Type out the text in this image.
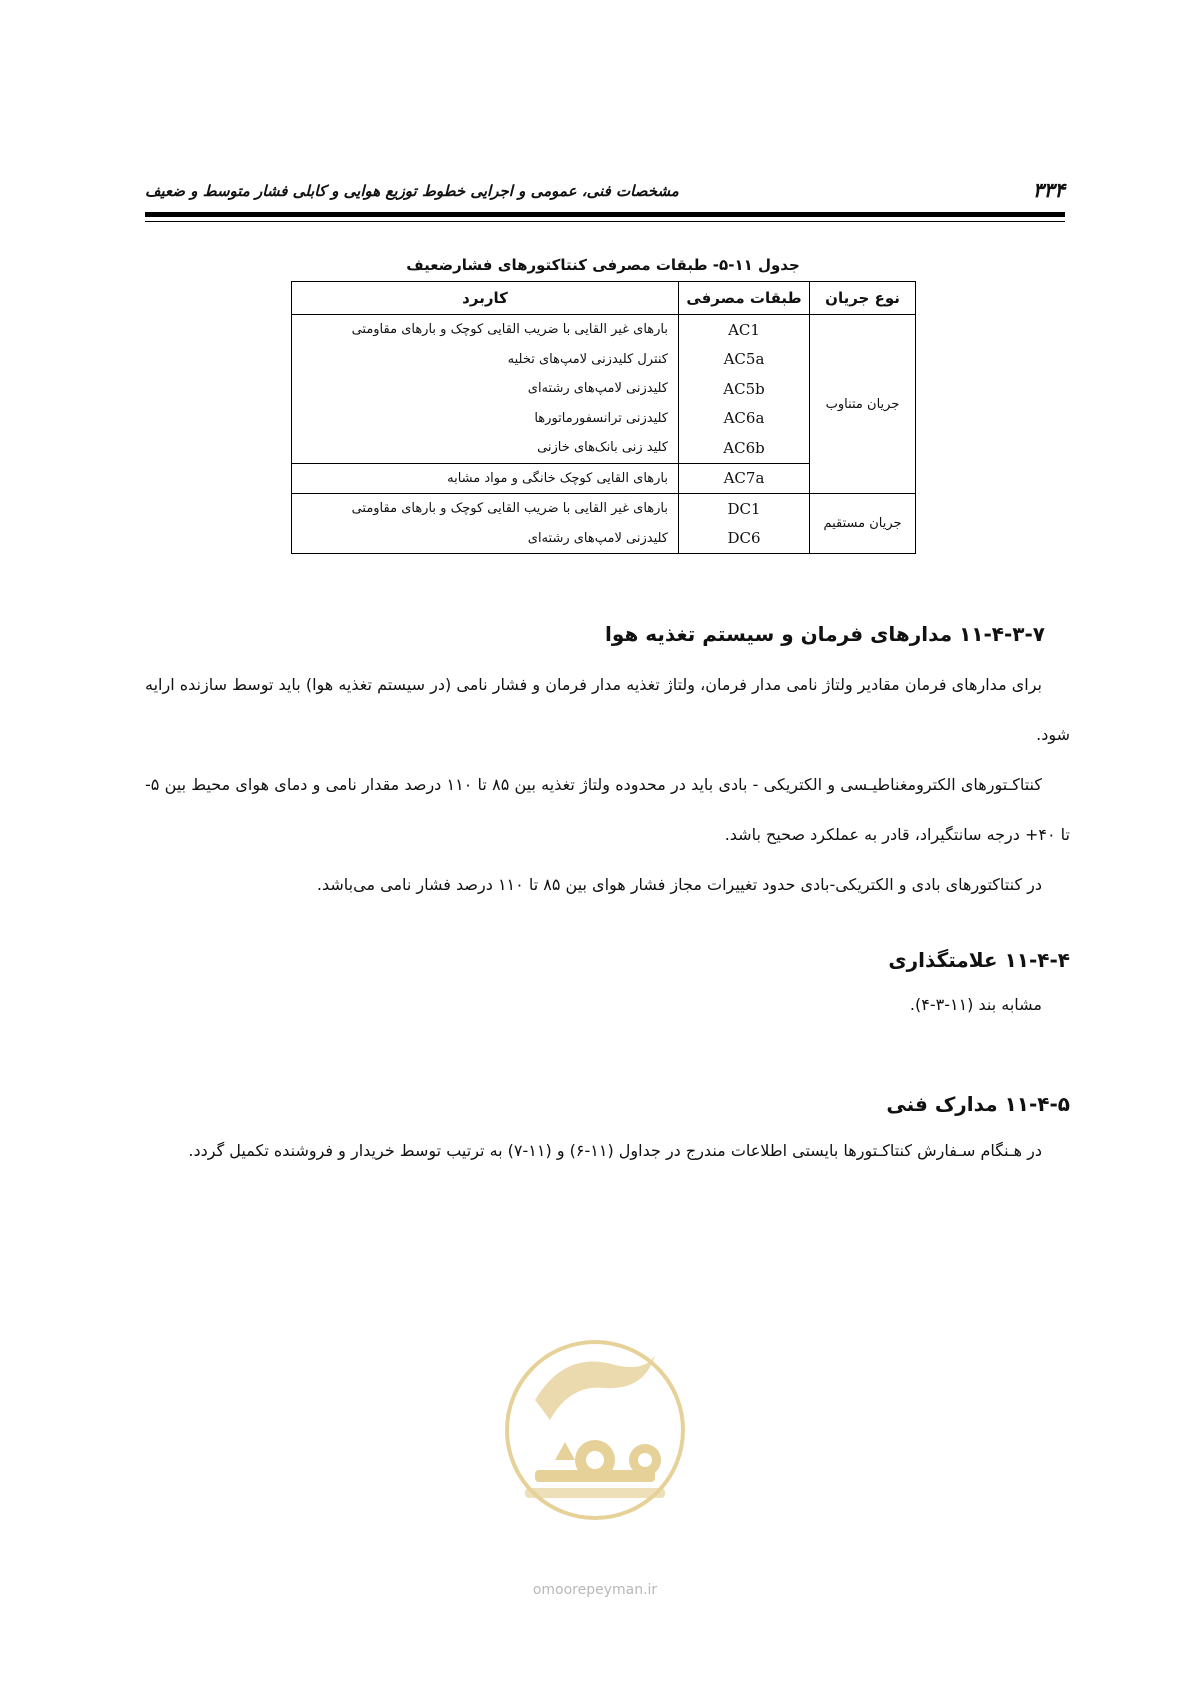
۳۳۴
مشخصات فنی، عمومی و اجرایی خطوط توزیع هوایی و کابلی فشار متوسط و ضعیف
جدول ۱۱-۵- طبقات مصرفی کنتاکتورهای فشارضعیف
نوع جریان	طبقات مصرفی	کاربرد
جریان متناوب	AC1	بارهای غیر القایی با ضریب القایی کوچک و بارهای مقاومتی
	AC5a	کنترل کلیدزنی لامپ‌های تخلیه
	AC5b	کلیدزنی لامپ‌های رشته‌ای
	AC6a	کلیدزنی ترانسفورماتورها
	AC6b	کلید زنی بانک‌های خازنی
	AC7a	بارهای القایی کوچک خانگی و مواد مشابه
جریان مستقیم	DC1	بارهای غیر القایی با ضریب القایی کوچک و بارهای مقاومتی
	DC6	کلیدزنی لامپ‌های رشته‌ای
۱۱-۴-۳-۷ مدارهای فرمان و سیستم تغذیه هوا
برای مدارهای فرمان مقادیر ولتاژ نامی مدار فرمان، ولتاژ تغذیه مدار فرمان و فشار نامی (در سیستم تغذیه هوا) باید توسط سازنده ارایه شود.
کنتاکـتورهای الکترومغناطیـسی و الکتریکی - بادی باید در محدوده ولتاژ تغذیه بین ۸۵ تا ۱۱۰ درصد مقدار نامی و دمای هوای محیط بین ۵- تا ۴۰+ درجه سانتگیراد، قادر به عملکرد صحیح باشد.
در کنتاکتورهای بادی و الکتریکی-بادی حدود تغییرات مجاز فشار هوای بین ۸۵ تا ۱۱۰ درصد فشار نامی می‌باشد.
۱۱-۴-۴ علامتگذاری
مشابه بند (۱۱-۳-۴).
۱۱-۴-۵ مدارک فنی
در هـنگام سـفارش کنتاکـتورها بایستی اطلاعات مندرج در جداول (۱۱-۶) و (۱۱-۷) به ترتیب توسط خریدار و فروشنده تکمیل گردد.
omoorepeyman.ir
